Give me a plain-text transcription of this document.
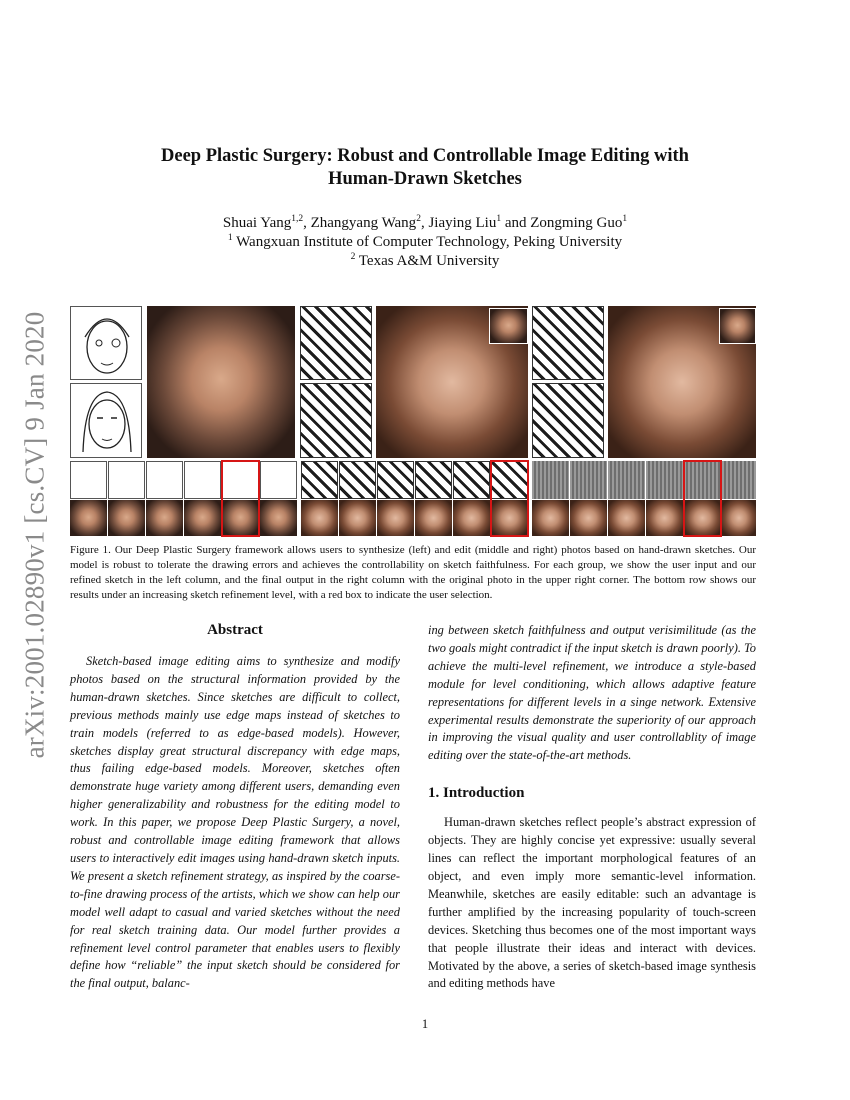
arXiv:2001.02890v1 [cs.CV] 9 Jan 2020
Deep Plastic Surgery: Robust and Controllable Image Editing with
Human-Drawn Sketches
Shuai Yang$^{1,2}$, Zhangyang Wang$^2$, Jiaying Liu$^1$ and Zongming Guo$^1$
$^1$ Wangxuan Institute of Computer Technology, Peking University
$^2$ Texas A&M University
Figure 1. Our Deep Plastic Surgery framework allows users to synthesize (left) and edit (middle and right) photos based on hand-drawn sketches. Our model is robust to tolerate the drawing errors and achieves the controllability on sketch faithfulness. For each group, we show the user input and our refined sketch in the left column, and the final output in the right column with the original photo in the upper right corner. The bottom row shows our results under an increasing sketch refinement level, with a red box to indicate the user selection.
Abstract

Sketch-based image editing aims to synthesize and modify photos based on the structural information provided by the human-drawn sketches. Since sketches are difficult to collect, previous methods mainly use edge maps instead of sketches to train models (referred to as edge-based models). However, sketches display great structural discrepancy with edge maps, thus failing edge-based models. Moreover, sketches often demonstrate huge variety among different users, demanding even higher generalizability and robustness for the editing model to work. In this paper, we propose Deep Plastic Surgery, a novel, robust and controllable image editing framework that allows users to interactively edit images using hand-drawn sketch inputs. We present a sketch refinement strategy, as inspired by the coarse-to-fine drawing process of the artists, which we show can help our model well adapt to casual and varied sketches without the need for real sketch training data. Our model further provides a refinement level control parameter that enables users to flexibly define how “reliable” the input sketch should be considered for the final output, balanc-

ing between sketch faithfulness and output verisimilitude (as the two goals might contradict if the input sketch is drawn poorly). To achieve the multi-level refinement, we introduce a style-based module for level conditioning, which allows adaptive feature representations for different levels in a singe network. Extensive experimental results demonstrate the superiority of our approach in improving the visual quality and user controllablity of image editing over the state-of-the-art methods.

1. Introduction

Human-drawn sketches reflect people’s abstract expression of objects. They are highly concise yet expressive: usually several lines can reflect the important morphological features of an object, and even imply more semantic-level information. Meanwhile, sketches are easily editable: such an advantage is further amplified by the increasing popularity of touch-screen devices. Sketching thus becomes one of the most important ways that people illustrate their ideas and interact with devices. Motivated by the above, a series of sketch-based image synthesis and editing methods have

1
